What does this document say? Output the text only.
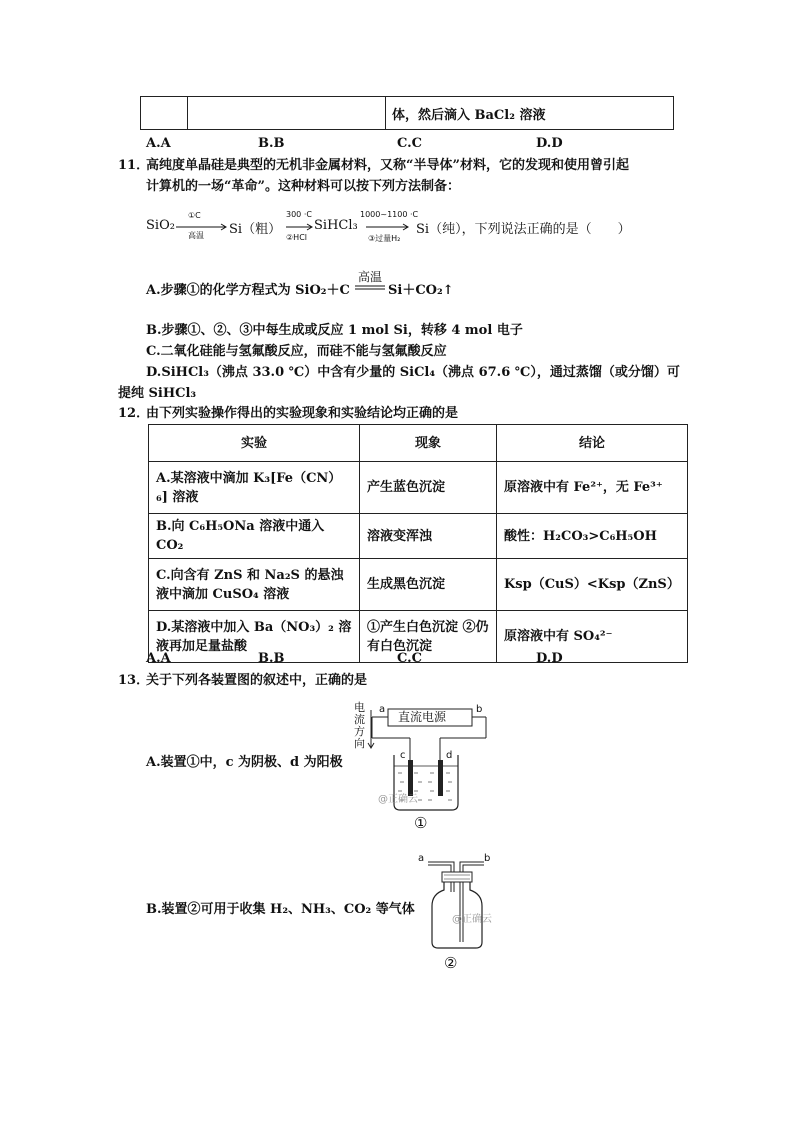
		体，然后滴入 BaCl₂ 溶液
A.A	B.B	C.C	D.D
11．
高纯度单晶硅是典型的无机非金属材料，又称“半导体”材料，它的发现和使用曾引起
计算机的一场“革命”。这种材料可以按下列方法制备：
SiO₂
①C
高温 Si（粗）
300 ·C
②HCl
SiHCl₃
1000~1100 ·C
③过量H₂
Si（纯），下列说法正确的是（　　）
A.步骤①的化学方程式为 SiO₂＋C
高温
Si＋CO₂↑
B.步骤①、②、③中每生成或反应 1 mol Si，转移 4 mol 电子
C.二氧化硅能与氢氟酸反应，而硅不能与氢氟酸反应
D.SiHCl₃（沸点 33.0 ℃）中含有少量的 SiCl₄（沸点 67.6 ℃），通过蒸馏（或分馏）可
提纯 SiHCl₃
12．
由下列实验操作得出的实验现象和实验结论均正确的是
实验	现象	结论
A.某溶液中滴加 K₃[Fe（CN）₆] 溶液	产生蓝色沉淀	原溶液中有 Fe²⁺，无 Fe³⁺
B.向 C₆H₅ONa 溶液中通入 CO₂	溶液变浑浊	酸性：H₂CO₃>C₆H₅OH
C.向含有 ZnS 和 Na₂S 的悬浊液中滴加 CuSO₄ 溶液	生成黑色沉淀	Ksp（CuS）<Ksp（ZnS）
D.某溶液中加入 Ba（NO₃）₂ 溶液再加足量盐酸	①产生白色沉淀 ②仍有白色沉淀	原溶液中有 SO₄²⁻
A.A	B.B	C.C	D.D
13．
关于下列各装置图的叙述中，正确的是
A.装置①中，c 为阴极、d 为阳极
B.装置②可用于收集 H₂、NH₃、CO₂ 等气体
直流电源
a	b
电流方向
c	d
@正确云
①
a	b
@正确云
②
